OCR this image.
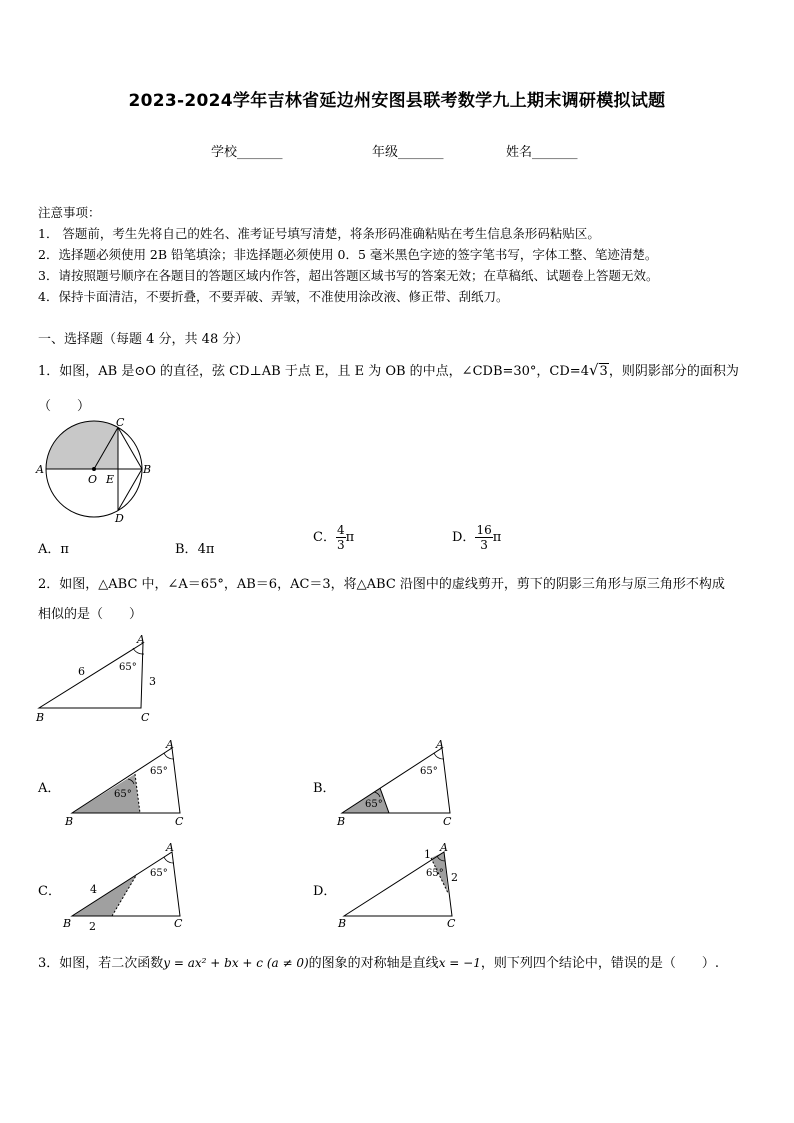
2023-2024学年吉林省延边州安图县联考数学九上期末调研模拟试题
学校_______	年级_______	姓名_______
注意事项：
1． 答题前，考生先将自己的姓名、准考证号填写清楚，将条形码准确粘贴在考生信息条形码粘贴区。
2．选择题必须使用 2B 铅笔填涂；非选择题必须使用 0．5 毫米黑色字迹的签字笔书写，字体工整、笔迹清楚。
3．请按照题号顺序在各题目的答题区域内作答，超出答题区域书写的答案无效；在草稿纸、试题卷上答题无效。
4．保持卡面清洁，不要折叠，不要弄破、弄皱，不准使用涂改液、修正带、刮纸刀。
一、选择题（每题 4 分，共 48 分）
1．如图，AB 是⊙O 的直径，弦 CD⊥AB 于点 E，且 E 为 OB 的中点，∠CDB=30°，CD=4√3，则阴影部分的面积为
（　　）
A	B
C
D
O E
A．π	B．4π
C． $\frac{4}{3}$ π	D． $\frac{16}{3}$ π
2．如图，△ABC 中，∠A＝65°，AB＝6，AC＝3，将△ABC 沿图中的虚线剪开，剪下的阴影三角形与原三角形不构成
相似的是（　　）
A
B	C
6
3
65°
A．
A
B	C
65°
65°	B．
A
B	C
65°
65°
C．
A
B	C
65°
4
2
D．
A
B	C
65°
1
2
3．如图，若二次函数y = ax² + bx + c (a ≠ 0)的图象的对称轴是直线x = −1，则下列四个结论中，错误的是（　　）.
